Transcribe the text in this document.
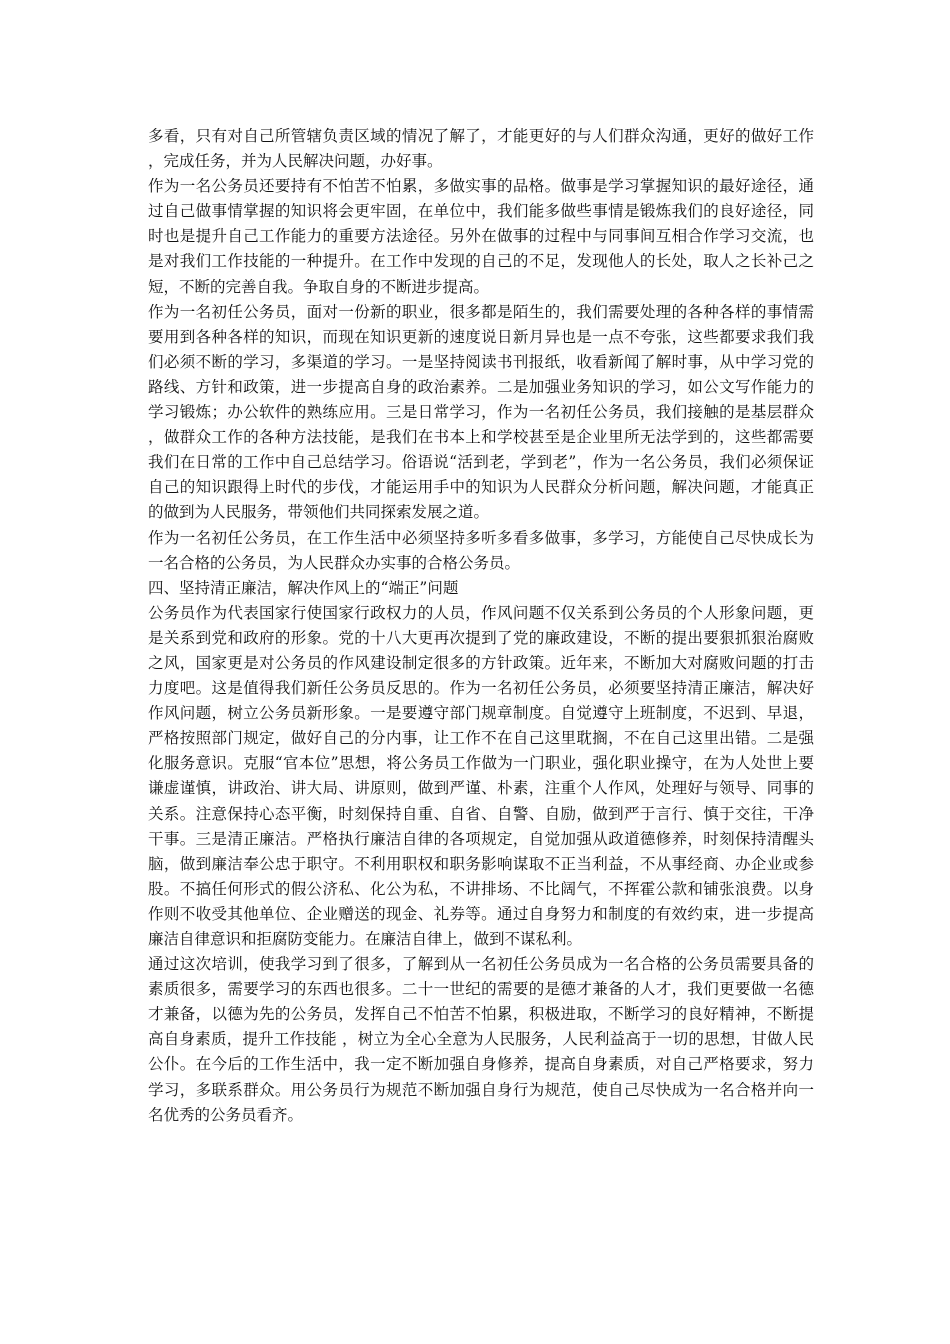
多看，只有对自己所管辖负责区域的情况了解了，才能更好的与人们群众沟通，更好的做好工作，完成任务，并为人民解决问题，办好事。

作为一名公务员还要持有不怕苦不怕累，多做实事的品格。做事是学习掌握知识的最好途径，通过自己做事情掌握的知识将会更牢固，在单位中，我们能多做些事情是锻炼我们的良好途径，同时也是提升自己工作能力的重要方法途径。另外在做事的过程中与同事间互相合作学习交流，也是对我们工作技能的一种提升。在工作中发现的自己的不足，发现他人的长处，取人之长补己之短，不断的完善自我。争取自身的不断进步提高。

作为一名初任公务员，面对一份新的职业，很多都是陌生的，我们需要处理的各种各样的事情需要用到各种各样的知识，而现在知识更新的速度说日新月异也是一点不夸张，这些都要求我们我们必须不断的学习，多渠道的学习。一是坚持阅读书刊报纸，收看新闻了解时事，从中学习党的路线、方针和政策，进一步提高自身的政治素养。二是加强业务知识的学习，如公文写作能力的学习锻炼；办公软件的熟练应用。三是日常学习，作为一名初任公务员，我们接触的是基层群众，做群众工作的各种方法技能，是我们在书本上和学校甚至是企业里所无法学到的，这些都需要我们在日常的工作中自己总结学习。俗语说“活到老，学到老”，作为一名公务员，我们必须保证自己的知识跟得上时代的步伐，才能运用手中的知识为人民群众分析问题，解决问题，才能真正的做到为人民服务，带领他们共同探索发展之道。

作为一名初任公务员，在工作生活中必须坚持多听多看多做事，多学习，方能使自己尽快成长为一名合格的公务员，为人民群众办实事的合格公务员。

四、坚持清正廉洁，解决作风上的“端正”问题

公务员作为代表国家行使国家行政权力的人员，作风问题不仅关系到公务员的个人形象问题，更是关系到党和政府的形象。党的十八大更再次提到了党的廉政建设，不断的提出要狠抓狠治腐败之风，国家更是对公务员的作风建设制定很多的方针政策。近年来，不断加大对腐败问题的打击力度吧。这是值得我们新任公务员反思的。作为一名初任公务员，必须要坚持清正廉洁，解决好作风问题，树立公务员新形象。一是要遵守部门规章制度。自觉遵守上班制度，不迟到、早退，严格按照部门规定，做好自己的分内事，让工作不在自己这里耽搁，不在自己这里出错。二是强化服务意识。克服“官本位”思想，将公务员工作做为一门职业，强化职业操守，在为人处世上要谦虚谨慎，讲政治、讲大局、讲原则，做到严谨、朴素，注重个人作风，处理好与领导、同事的关系。注意保持心态平衡，时刻保持自重、自省、自警、自励，做到严于言行、慎于交往，干净干事。三是清正廉洁。严格执行廉洁自律的各项规定，自觉加强从政道德修养，时刻保持清醒头脑，做到廉洁奉公忠于职守。不利用职权和职务影响谋取不正当利益，不从事经商、办企业或参股。不搞任何形式的假公济私、化公为私，不讲排场、不比阔气，不挥霍公款和铺张浪费。以身作则不收受其他单位、企业赠送的现金、礼券等。通过自身努力和制度的有效约束，进一步提高廉洁自律意识和拒腐防变能力。在廉洁自律上，做到不谋私利。

通过这次培训，使我学习到了很多，了解到从一名初任公务员成为一名合格的公务员需要具备的素质很多，需要学习的东西也很多。二十一世纪的需要的是德才兼备的人才，我们更要做一名德才兼备，以德为先的公务员，发挥自己不怕苦不怕累，积极进取，不断学习的良好精神，不断提高自身素质，提升工作技能 ，树立为全心全意为人民服务，人民利益高于一切的思想，甘做人民公仆。在今后的工作生活中，我一定不断加强自身修养，提高自身素质，对自己严格要求，努力学习，多联系群众。用公务员行为规范不断加强自身行为规范，使自己尽快成为一名合格并向一名优秀的公务员看齐。
